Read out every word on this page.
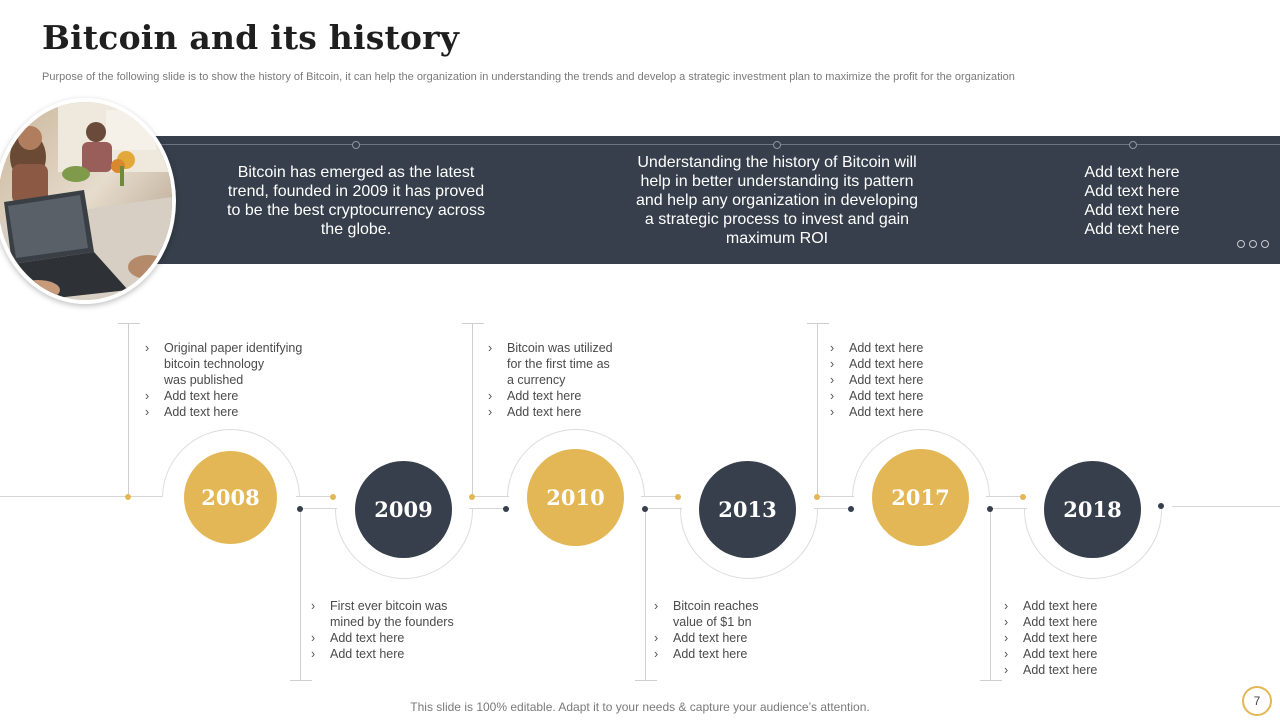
Bitcoin and its history
Purpose of the following slide is to show the history of Bitcoin, it can help the organization in understanding the trends and develop a strategic investment plan to maximize the profit for the organization
Bitcoin has emerged as the latest trend, founded in 2009 it has proved to be the best cryptocurrency across the globe.
Understanding the history of Bitcoin will help in better understanding its pattern and help any organization in developing a strategic process to invest and gain maximum ROI
Add text here
Add text here
Add text here
Add text here
2008	2009	2010	2013	2017	2018
› Original paper identifying
bitcoin technology
was published
› Add text here
› Add text here
› Bitcoin was utilized
for the first time as
a currency
› Add text here
› Add text here
› Add text here
› Add text here
› Add text here
› Add text here
› Add text here
› First ever bitcoin was
mined by the founders
› Add text here
› Add text here
› Bitcoin reaches
value of $1 bn
› Add text here
› Add text here
› Add text here
› Add text here
› Add text here
› Add text here
› Add text here
This slide is 100% editable. Adapt it to your needs & capture your audience’s attention.	7
